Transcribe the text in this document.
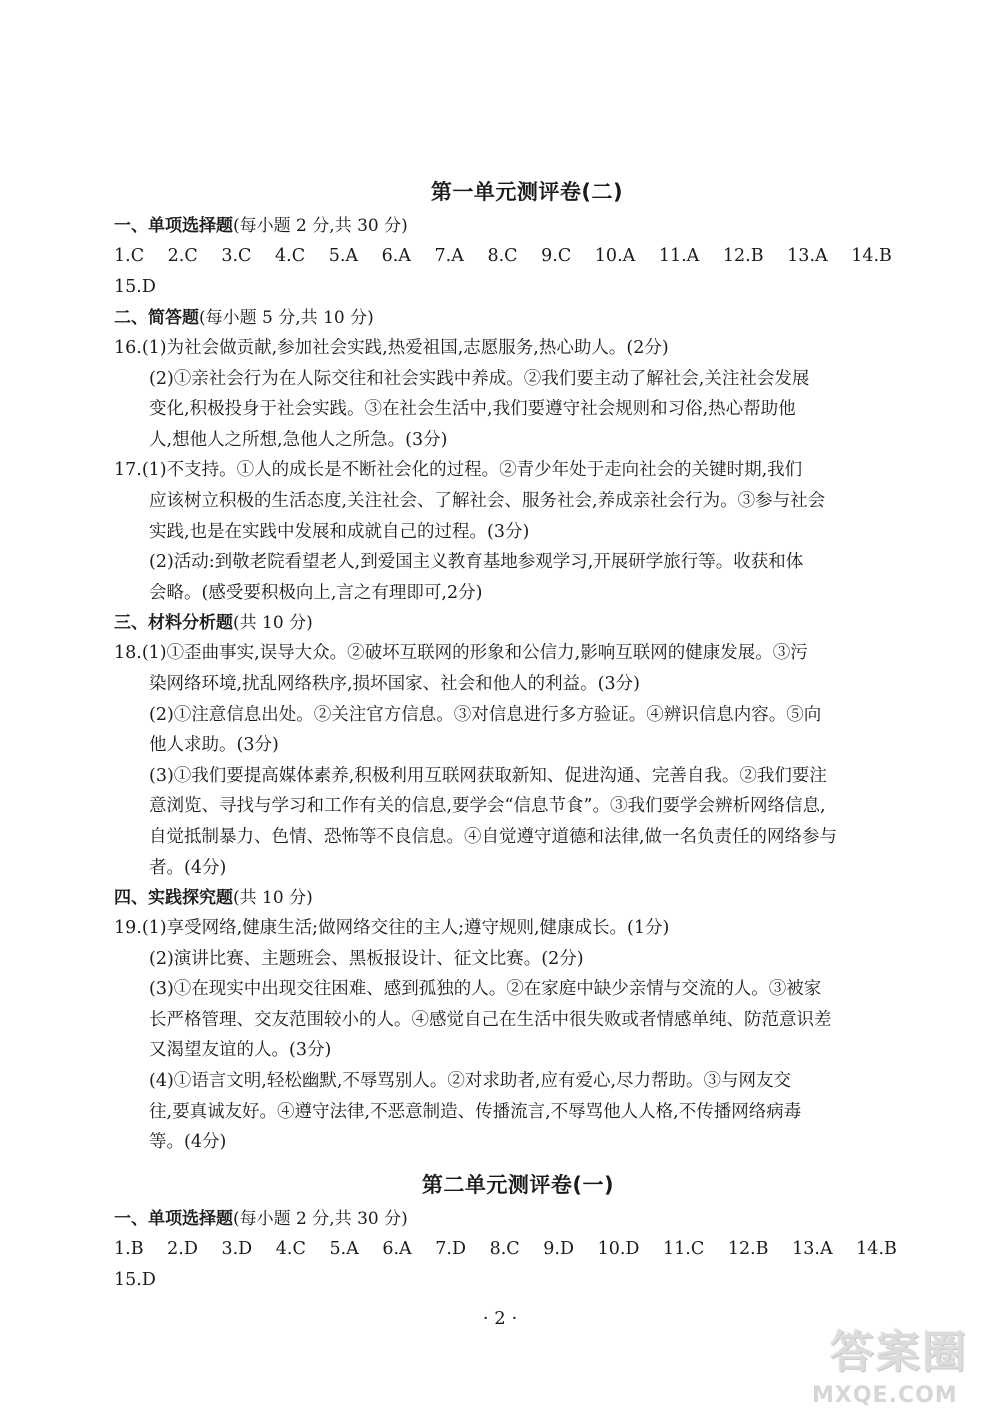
第一单元测评卷(二)
一、单项选择题(每小题 2 分,共 30 分)
1.C 2.C 3.C 4.C 5.A 6.A 7.A 8.C 9.C 10.A 11.A 12.B 13.A 14.B
15.D
二、简答题(每小题 5 分,共 10 分)
16.(1)为社会做贡献,参加社会实践,热爱祖国,志愿服务,热心助人。(2分)
(2)①亲社会行为在人际交往和社会实践中养成。②我们要主动了解社会,关注社会发展
变化,积极投身于社会实践。③在社会生活中,我们要遵守社会规则和习俗,热心帮助他
人,想他人之所想,急他人之所急。(3分)
17.(1)不支持。①人的成长是不断社会化的过程。②青少年处于走向社会的关键时期,我们
应该树立积极的生活态度,关注社会、了解社会、服务社会,养成亲社会行为。③参与社会
实践,也是在实践中发展和成就自己的过程。(3分)
(2)活动:到敬老院看望老人,到爱国主义教育基地参观学习,开展研学旅行等。收获和体
会略。(感受要积极向上,言之有理即可,2分)
三、材料分析题(共 10 分)
18.(1)①歪曲事实,误导大众。②破坏互联网的形象和公信力,影响互联网的健康发展。③污
染网络环境,扰乱网络秩序,损坏国家、社会和他人的利益。(3分)
(2)①注意信息出处。②关注官方信息。③对信息进行多方验证。④辨识信息内容。⑤向
他人求助。(3分)
(3)①我们要提高媒体素养,积极利用互联网获取新知、促进沟通、完善自我。②我们要注
意浏览、寻找与学习和工作有关的信息,要学会“信息节食”。③我们要学会辨析网络信息,
自觉抵制暴力、色情、恐怖等不良信息。④自觉遵守道德和法律,做一名负责任的网络参与
者。(4分)
四、实践探究题(共 10 分)
19.(1)享受网络,健康生活;做网络交往的主人;遵守规则,健康成长。(1分)
(2)演讲比赛、主题班会、黑板报设计、征文比赛。(2分)
(3)①在现实中出现交往困难、感到孤独的人。②在家庭中缺少亲情与交流的人。③被家
长严格管理、交友范围较小的人。④感觉自己在生活中很失败或者情感单纯、防范意识差
又渴望友谊的人。(3分)
(4)①语言文明,轻松幽默,不辱骂别人。②对求助者,应有爱心,尽力帮助。③与网友交
往,要真诚友好。④遵守法律,不恶意制造、传播流言,不辱骂他人人格,不传播网络病毒
等。(4分)
第二单元测评卷(一)
一、单项选择题(每小题 2 分,共 30 分)
1.B 2.D 3.D 4.C 5.A 6.A 7.D 8.C 9.D 10.D 11.C 12.B 13.A 14.B
15.D
· 2 ·
答案圈
MXQE.COM
